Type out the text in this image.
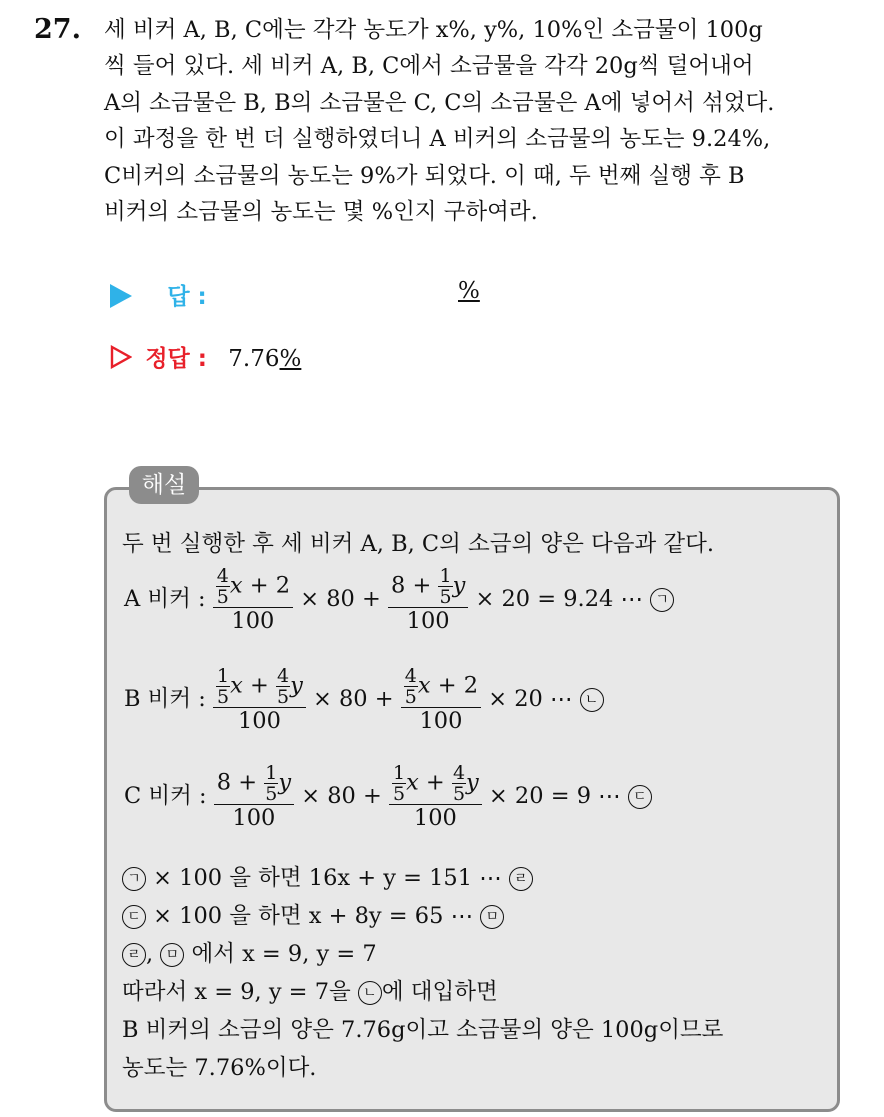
27. 세 비커 A, B, C에는 각각 농도가 x%, y%, 10%인 소금물이 100g
씩 들어 있다. 세 비커 A, B, C에서 소금물을 각각 20g씩 덜어내어
A의 소금물은 B, B의 소금물은 C, C의 소금물은 A에 넣어서 섞었다.
이 과정을 한 번 더 실행하였더니 A 비커의 소금물의 농도는 9.24%,
C비커의 소금물의 농도는 9%가 되었다. 이 때, 두 번째 실행 후 B
비커의 소금물의 농도는 몇 %인지 구하여라.
답 :	%
정답 : 7.76%
해설
두 번 실행한 후 세 비커 A, B, C의 소금의 양은 다음과 같다.
A 비커 : $\frac{\frac{4}{5} x + 2}{100} \times 80 + \frac{8 + \frac{1}{5} y}{100} \times 20 = 9.24$ ⋯ ㄱ
B 비커 : $\frac{\frac{1}{5} x + \frac{4}{5} y}{100} \times 80 + \frac{\frac{4}{5} x + 2}{100} \times 20$ ⋯ ㄴ
C 비커 : $\frac{8 + \frac{1}{5} y}{100} \times 80 + \frac{\frac{1}{5} x + \frac{4}{5} y}{100} \times 20 = 9$ ⋯ ㄷ
ㄱ × 100 을 하면 16x + y = 151 ⋯ ㄹ
ㄷ × 100 을 하면 x + 8y = 65 ⋯ ㅁ
ㄹ , ㅁ 에서 x = 9, y = 7
따라서 x = 9, y = 7을 ㄴ 에 대입하면
B 비커의 소금의 양은 7.76g이고 소금물의 양은 100g이므로
농도는 7.76%이다.
